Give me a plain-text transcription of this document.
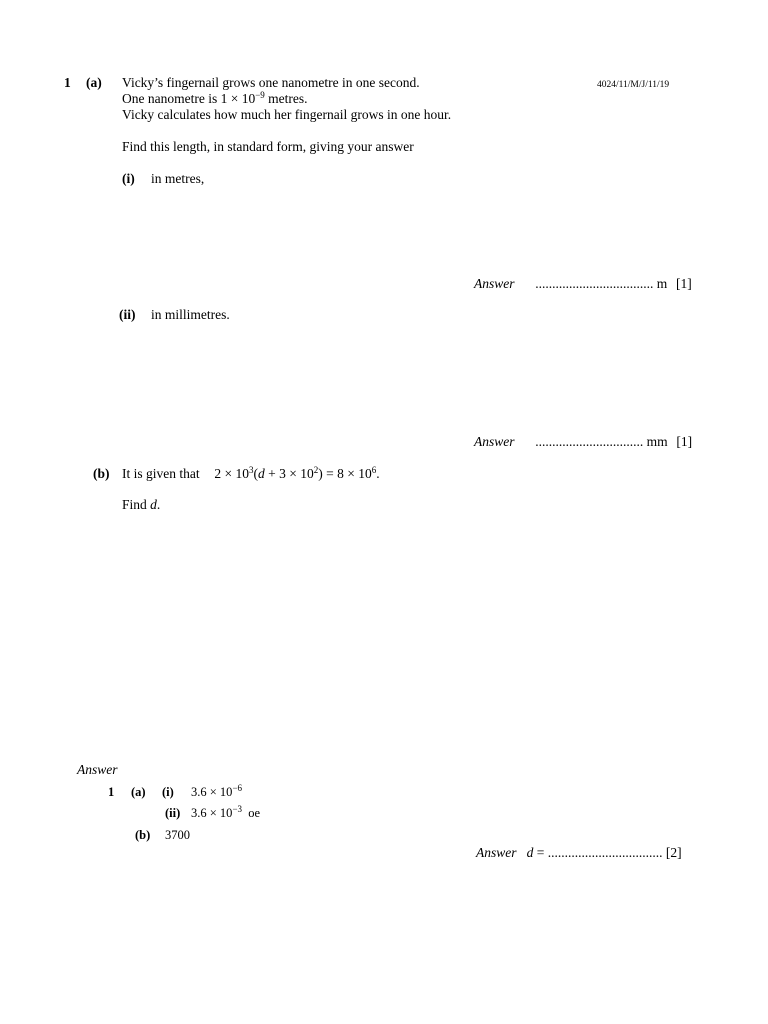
1 (a) Vicky’s fingernail grows one nanometre in one second.	4024/11/M/J/11/19
One nanometre is $1 \times 10^{-9}$ metres.
Vicky calculates how much her fingernail grows in one hour.
Find this length, in standard form, giving your answer
(i) in metres,
Answer ................................... m [1]
(ii) in millimetres.
Answer ................................ mm [1]
(b) It is given that $2 \times 10^3(d + 3 \times 10^2) = 8 \times 10^6$.
Find d.
Answer
1 (a) (i) $3.6 \times 10^{-6}$
(ii) $3.6 \times 10^{-3}$  oe
(b) 3700
Answer d = .................................. [2]
